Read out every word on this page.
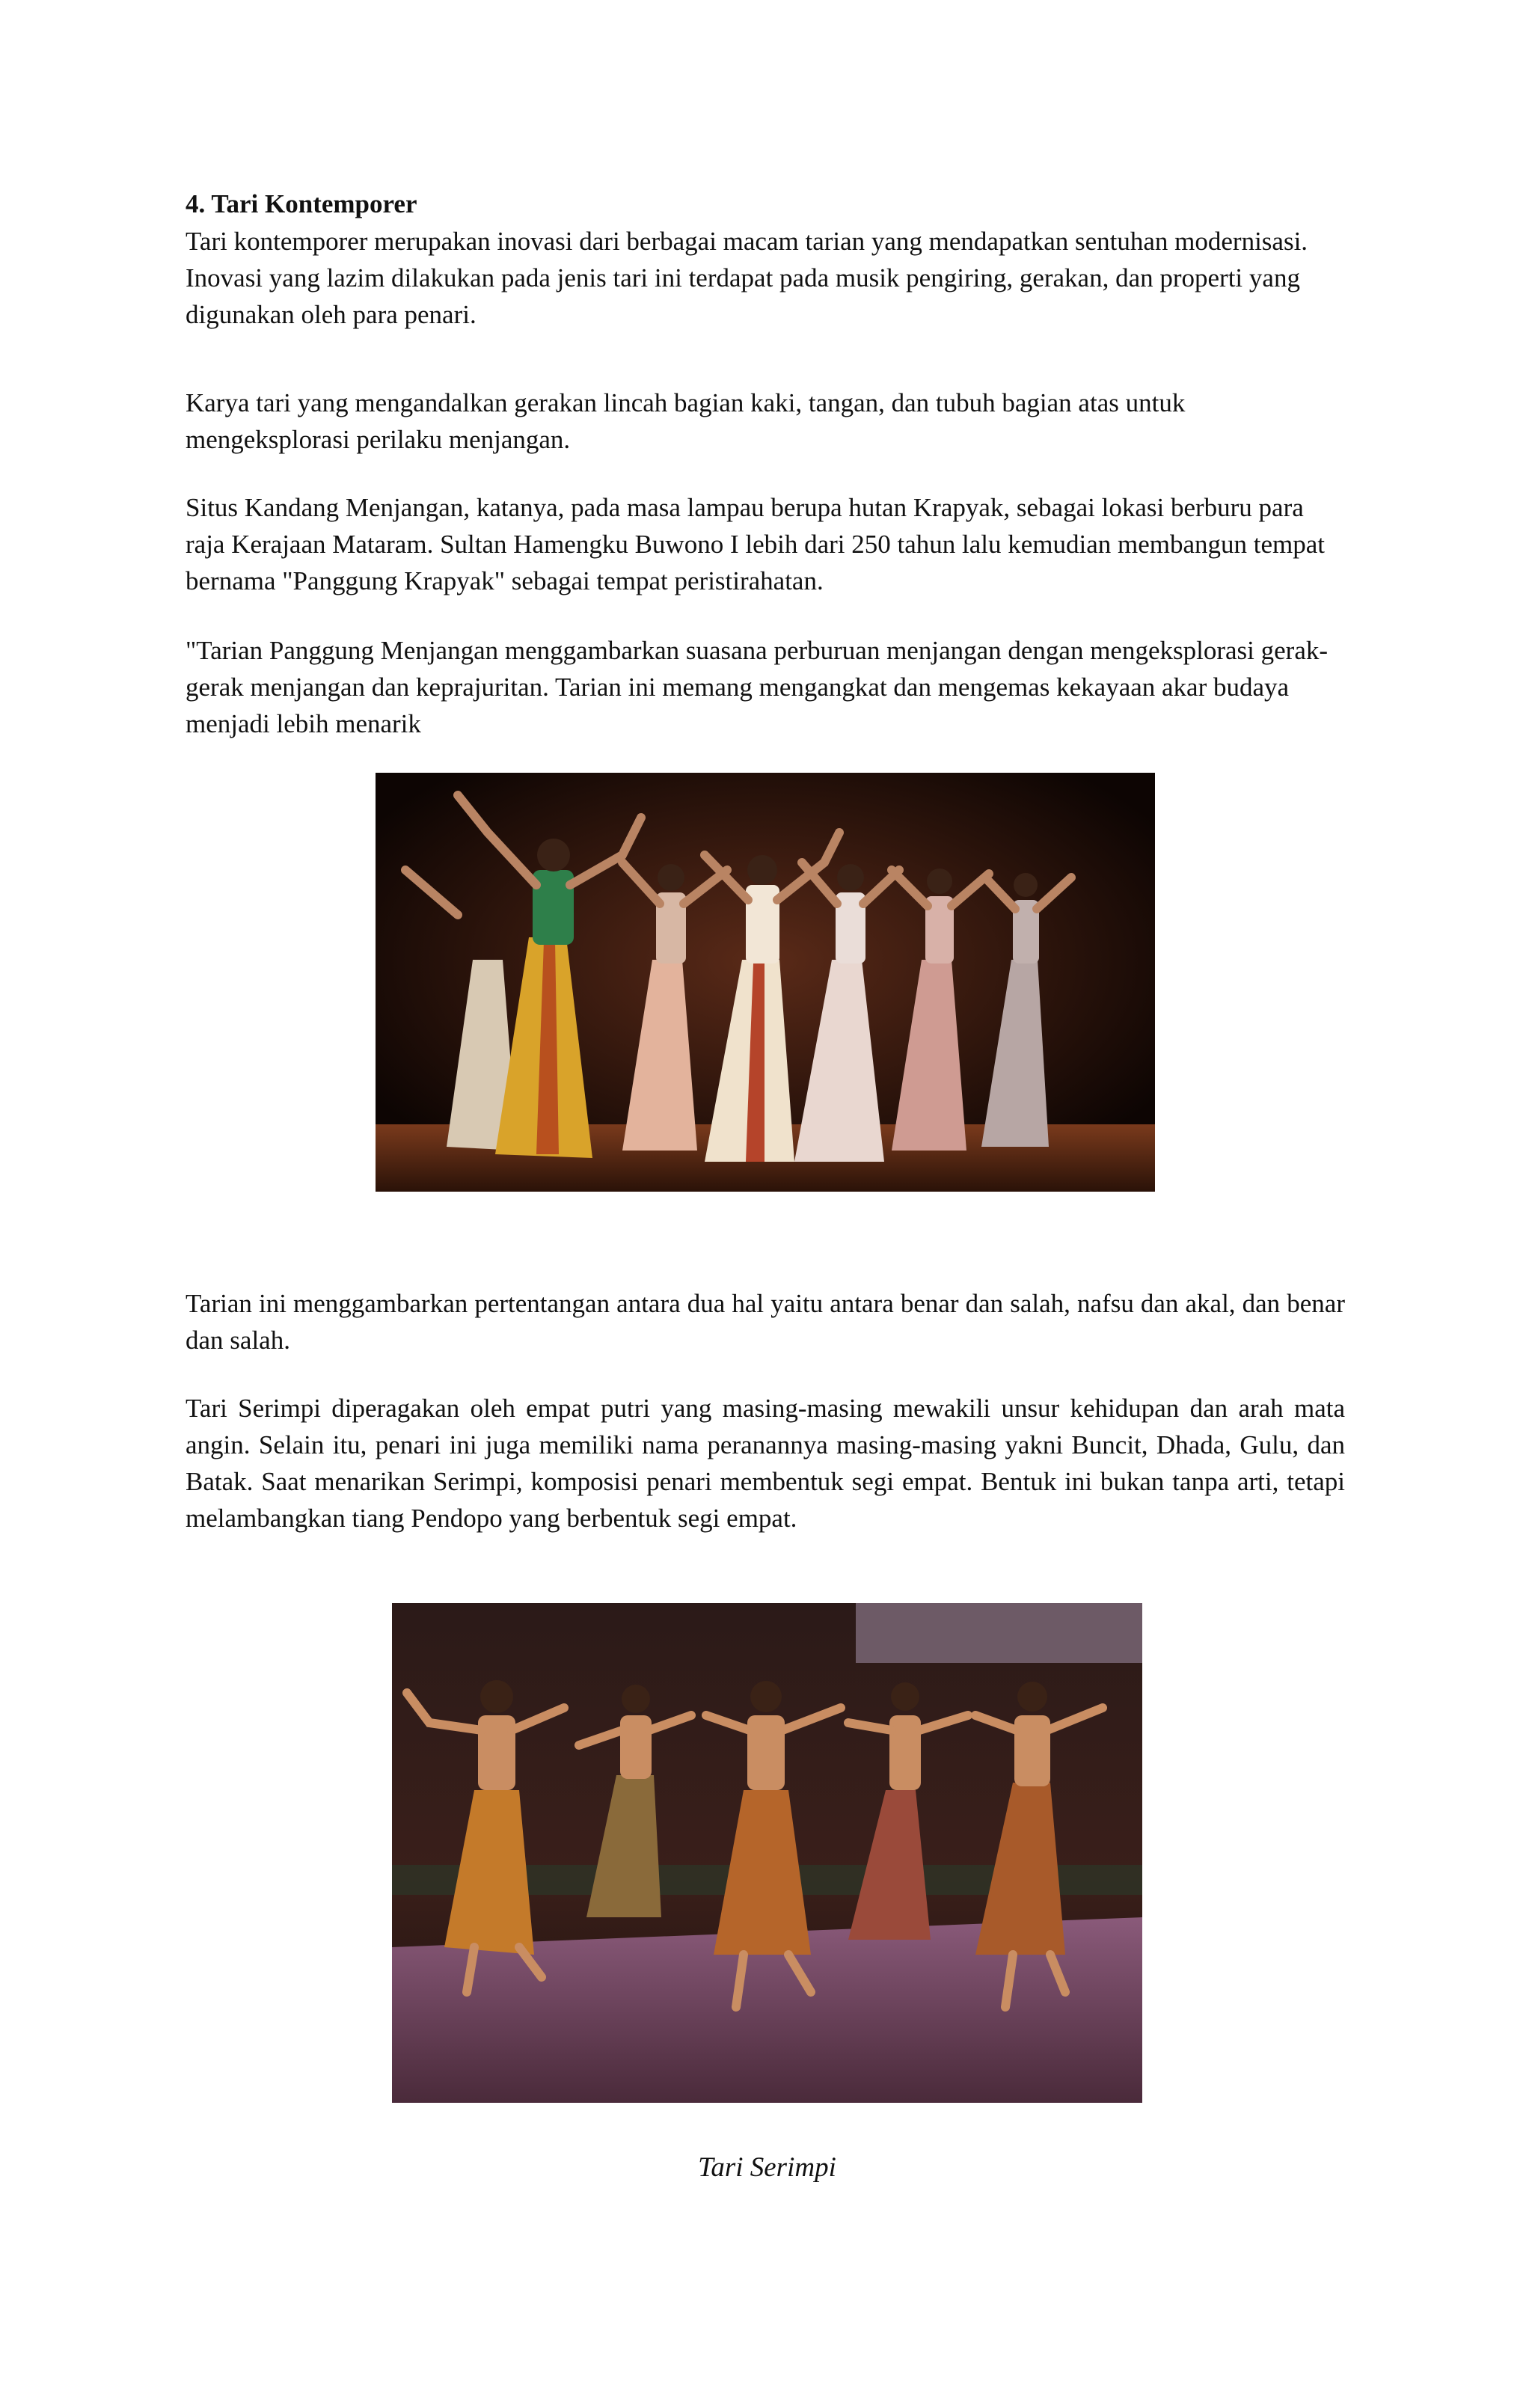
4. Tari Kontemporer

Tari kontemporer merupakan inovasi dari berbagai macam tarian yang mendapatkan sentuhan modernisasi. Inovasi yang lazim dilakukan pada jenis tari ini terdapat pada musik pengiring, gerakan, dan properti yang digunakan oleh para penari.

Karya tari yang mengandalkan gerakan lincah bagian kaki, tangan, dan tubuh bagian atas untuk mengeksplorasi perilaku menjangan.

Situs Kandang Menjangan, katanya, pada masa lampau berupa hutan Krapyak, sebagai lokasi berburu para raja Kerajaan Mataram. Sultan Hamengku Buwono I lebih dari 250 tahun lalu kemudian membangun tempat bernama "Panggung Krapyak" sebagai tempat peristirahatan.

"Tarian Panggung Menjangan menggambarkan suasana perburuan menjangan dengan mengeksplorasi gerak-gerak menjangan dan keprajuritan. Tarian ini memang mengangkat dan mengemas kekayaan akar budaya menjadi lebih menarik

Tarian ini menggambarkan pertentangan antara dua hal yaitu antara benar dan salah, nafsu dan akal, dan benar dan salah.

Tari Serimpi diperagakan oleh empat putri yang masing-masing mewakili unsur kehidupan dan arah mata angin. Selain itu, penari ini juga memiliki nama peranannya masing-masing yakni Buncit, Dhada, Gulu, dan Batak. Saat menarikan Serimpi, komposisi penari membentuk segi empat. Bentuk ini bukan tanpa arti, tetapi melambangkan tiang Pendopo yang berbentuk segi empat.

Tari Serimpi
